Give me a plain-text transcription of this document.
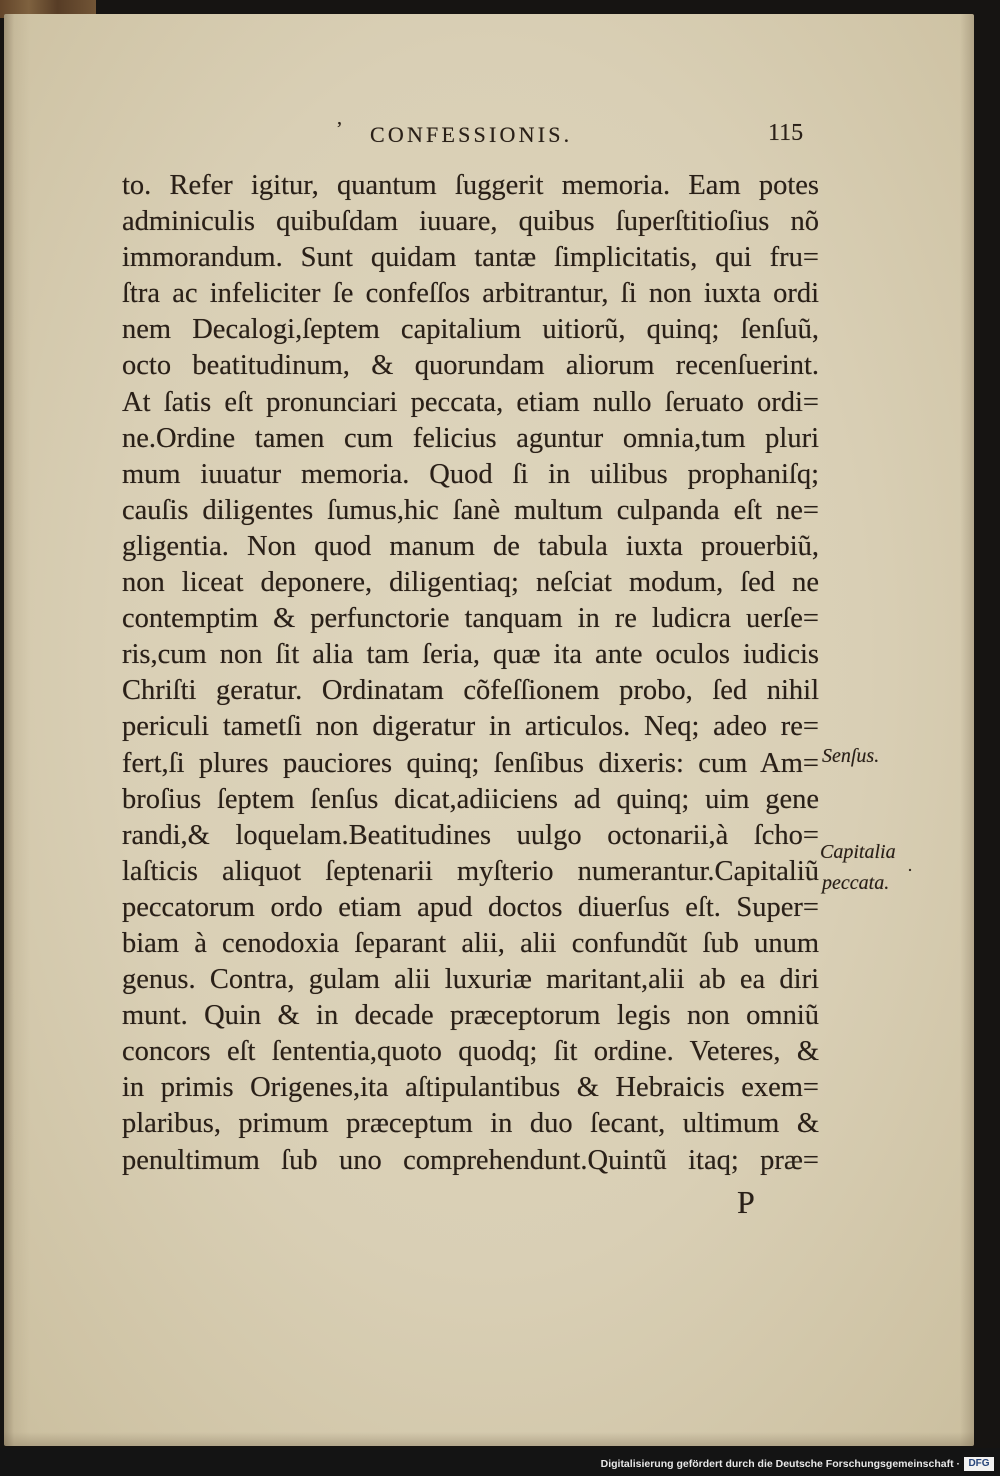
’ CONFESSIONIS.	115
to. Refer igitur, quantum ſuggerit memoria. Eam potes
adminiculis quibuſdam iuuare, quibus ſuperſtitioſius nõ
immorandum. Sunt quidam tantæ ſimplicitatis, qui fru=
ſtra ac infeliciter ſe confeſſos arbitrantur, ſi non iuxta ordi
nem Decalogi,ſeptem capitalium uitiorũ, quinq; ſenſuũ,
octo beatitudinum, & quorundam aliorum recenſuerint.
At ſatis eſt pronunciari peccata, etiam nullo ſeruato ordi=
ne.Ordine tamen cum felicius aguntur omnia,tum pluri
mum iuuatur memoria. Quod ſi in uilibus prophaniſq;
cauſis diligentes ſumus,hic ſanè multum culpanda eſt ne=
gligentia. Non quod manum de tabula iuxta prouerbiũ,
non liceat deponere, diligentiaq; neſciat modum, ſed ne
contemptim & perfunctorie tanquam in re ludicra uerſe=
ris,cum non ſit alia tam ſeria, quæ ita ante oculos iudicis
Chriſti geratur. Ordinatam cõfeſſionem probo, ſed nihil
periculi tametſi non digeratur in articulos. Neq; adeo re=
fert,ſi plures pauciores quinq; ſenſibus dixeris: cum Am=
broſius ſeptem ſenſus dicat,adiiciens ad quinq; uim gene
randi,& loquelam.Beatitudines uulgo octonarii,à ſcho=
laſticis aliquot ſeptenarii myſterio numerantur.Capitaliũ
peccatorum ordo etiam apud doctos diuerſus eſt. Super=
biam à cenodoxia ſeparant alii, alii confundũt ſub unum
genus. Contra, gulam alii luxuriæ maritant,alii ab ea diri
munt. Quin & in decade præceptorum legis non omniũ
concors eſt ſententia,quoto quodq; ſit ordine. Veteres, &
in primis Origenes,ita aſtipulantibus & Hebraicis exem=
plaribus, primum præceptum in duo ſecant, ultimum &
penultimum ſub uno comprehendunt.Quintũ itaq; præ=
Senſus.
Capitalia
peccata.
·
P
Digitalisierung gefördert durch die Deutsche Forschungsgemeinschaft · DFG
